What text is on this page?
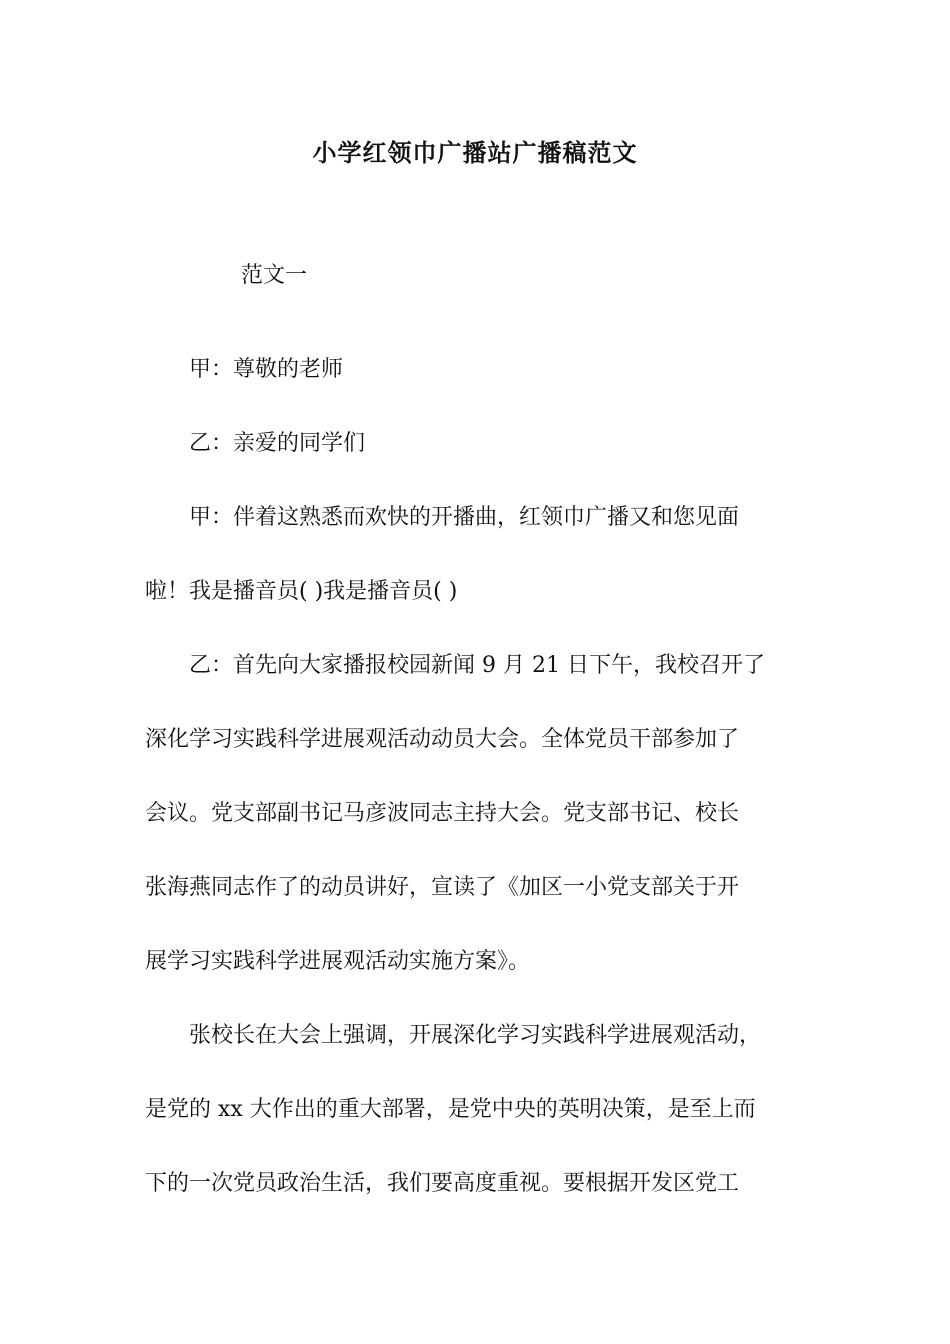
小学红领巾广播站广播稿范文
范文一

甲：尊敬的老师

乙：亲爱的同学们

甲：伴着这熟悉而欢快的开播曲，红领巾广播又和您见面
啦！我是播音员( )我是播音员( )

乙：首先向大家播报校园新闻 9 月 21 日下午，我校召开了
深化学习实践科学进展观活动动员大会。全体党员干部参加了
会议。党支部副书记马彦波同志主持大会。党支部书记、校长
张海燕同志作了的动员讲好，宣读了《加区一小党支部关于开
展学习实践科学进展观活动实施方案》。

张校长在大会上强调，开展深化学习实践科学进展观活动，
是党的 xx 大作出的重大部署，是党中央的英明决策，是至上而
下的一次党员政治生活，我们要高度重视。要根据开发区党工
